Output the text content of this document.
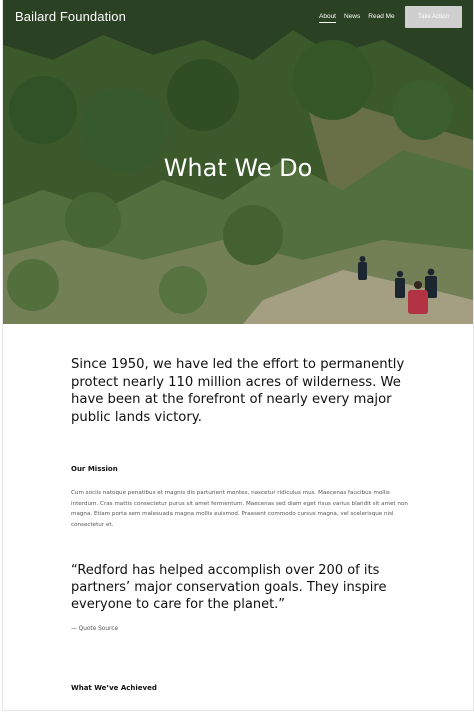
Bailard Foundation	About News Read Me	Take Action
What We Do

Since 1950, we have led the effort to permanently protect nearly 110 million acres of wilderness. We have been at the forefront of nearly every major public lands victory.

Our Mission

Cum sociis natoque penatibus et magnis dis parturient montes, nascetur ridiculus mus. Maecenas faucibus mollis interdum. Cras mattis consectetur purus sit amet fermentum. Maecenas sed diam eget risus varius blandit sit amet non magna. Etiam porta sem malesuada magna mollis euismod. Praesent commodo cursus magna, vel scelerisque nisl consectetur et.

“Redford has helped accomplish over 200 of its partners’ major conservation goals. They inspire everyone to care for the planet.”

— Quote Source

What We’ve Achieved
